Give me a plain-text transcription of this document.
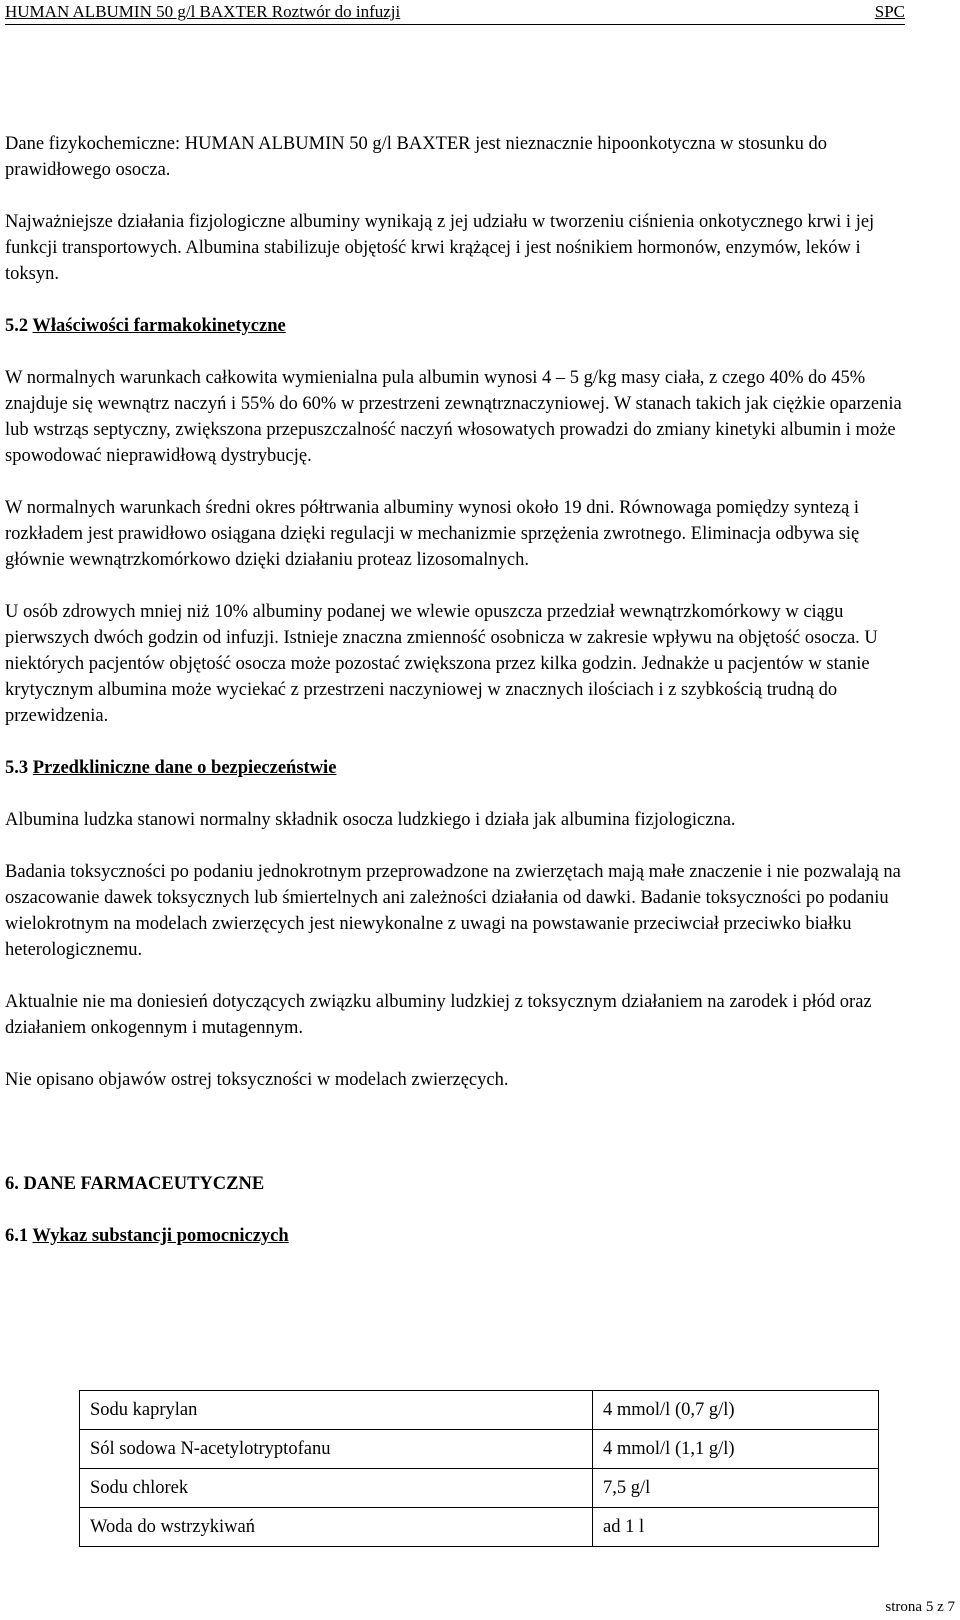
HUMAN ALBUMIN 50 g/l BAXTER Roztwór do infuzji	SPC

Dane fizykochemiczne: HUMAN ALBUMIN 50 g/l BAXTER jest nieznacznie hipoonkotyczna w stosunku do prawidłowego osocza.

Najważniejsze działania fizjologiczne albuminy wynikają z jej udziału w tworzeniu ciśnienia onkotycznego krwi i jej funkcji transportowych. Albumina stabilizuje objętość krwi krążącej i jest nośnikiem hormonów, enzymów, leków i toksyn.

5.2 Właściwości farmakokinetyczne

W normalnych warunkach całkowita wymienialna pula albumin wynosi 4 – 5 g/kg masy ciała, z czego 40% do 45% znajduje się wewnątrz naczyń i 55% do 60% w przestrzeni zewnątrznaczyniowej. W stanach takich jak ciężkie oparzenia lub wstrząs septyczny, zwiększona przepuszczalność naczyń włosowatych prowadzi do zmiany kinetyki albumin i może spowodować nieprawidłową dystrybucję.

W normalnych warunkach średni okres półtrwania albuminy wynosi około 19 dni. Równowaga pomiędzy syntezą i rozkładem jest prawidłowo osiągana dzięki regulacji w mechanizmie sprzężenia zwrotnego. Eliminacja odbywa się głównie wewnątrzkomórkowo dzięki działaniu proteaz lizosomalnych.

U osób zdrowych mniej niż 10% albuminy podanej we wlewie opuszcza przedział wewnątrzkomórkowy w ciągu pierwszych dwóch godzin od infuzji. Istnieje znaczna zmienność osobnicza w zakresie wpływu na objętość osocza. U niektórych pacjentów objętość osocza może pozostać zwiększona przez kilka godzin. Jednakże u pacjentów w stanie krytycznym albumina może wyciekać z przestrzeni naczyniowej w znacznych ilościach i z szybkością trudną do przewidzenia.

5.3 Przedkliniczne dane o bezpieczeństwie

Albumina ludzka stanowi normalny składnik osocza ludzkiego i działa jak albumina fizjologiczna.

Badania toksyczności po podaniu jednokrotnym przeprowadzone na zwierzętach mają małe znaczenie i nie pozwalają na oszacowanie dawek toksycznych lub śmiertelnych ani zależności działania od dawki. Badanie toksyczności po podaniu wielokrotnym na modelach zwierzęcych jest niewykonalne z uwagi na powstawanie przeciwciał przeciwko białku heterologicznemu.

Aktualnie nie ma doniesień dotyczących związku albuminy ludzkiej z toksycznym działaniem na zarodek i płód oraz działaniem onkogennym i mutagennym.

Nie opisano objawów ostrej toksyczności w modelach zwierzęcych.

6. DANE FARMACEUTYCZNE

6.1 Wykaz substancji pomocniczych

Sodu kaprylan	4 mmol/l (0,7 g/l)
Sól sodowa N-acetylotryptofanu	4 mmol/l (1,1 g/l)
Sodu chlorek	7,5 g/l
Woda do wstrzykiwań	ad 1 l
strona 5 z 7
